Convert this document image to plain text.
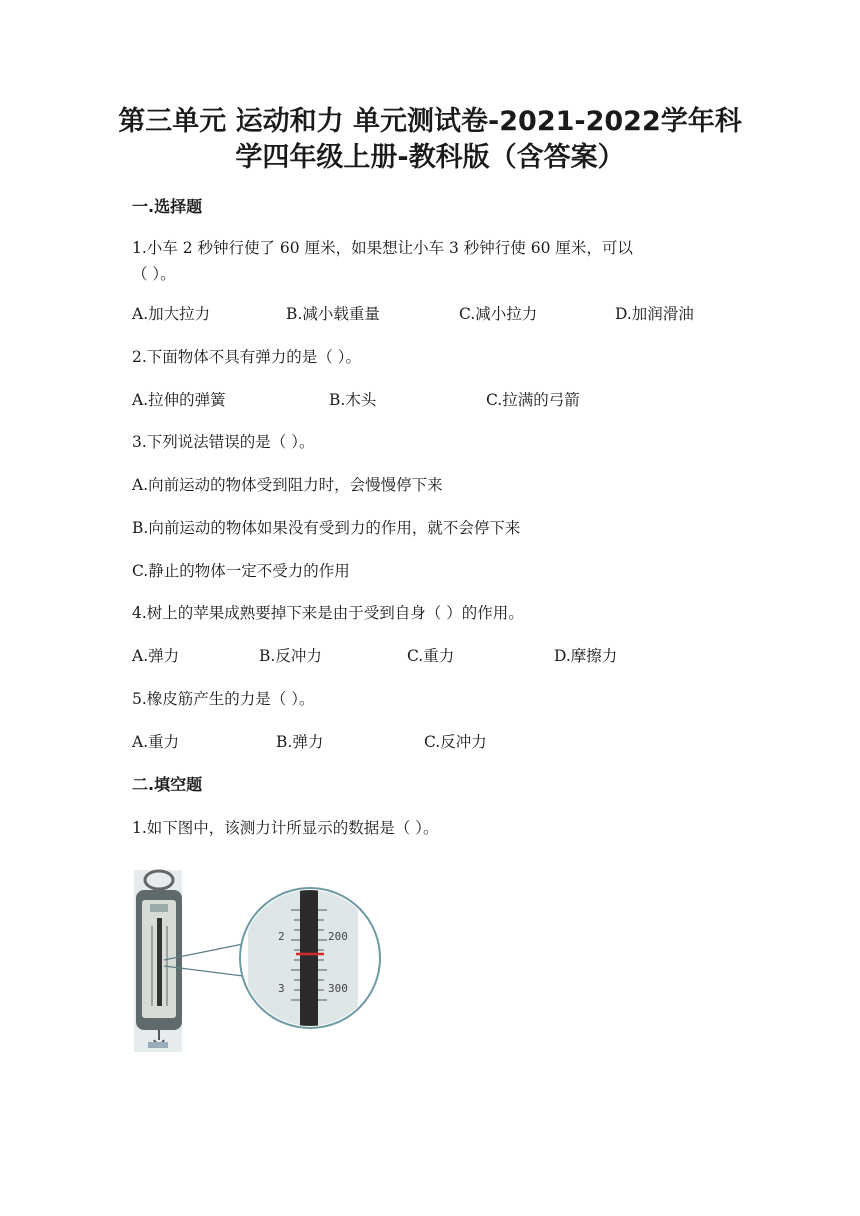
第三单元 运动和力 单元测试卷-2021-2022学年科
学四年级上册-教科版（含答案）
一.选择题
1.小车 2 秒钟行使了 60 厘米，如果想让小车 3 秒钟行使 60 厘米，可以
（ ）。
A.加大拉力	B.减小载重量	C.减小拉力	D.加润滑油
2.下面物体不具有弹力的是（ ）。
A.拉伸的弹簧	B.木头	C.拉满的弓箭
3.下列说法错误的是（ ）。
A.向前运动的物体受到阻力时，会慢慢停下来
B.向前运动的物体如果没有受到力的作用，就不会停下来
C.静止的物体一定不受力的作用
4.树上的苹果成熟要掉下来是由于受到自身（ ）的作用。
A.弹力	B.反冲力	C.重力	D.摩擦力
5.橡皮筋产生的力是（ ）。
A.重力	B.弹力	C.反冲力
二.填空题
1.如下图中，该测力计所显示的数据是（ ）。
2
3
200
300
